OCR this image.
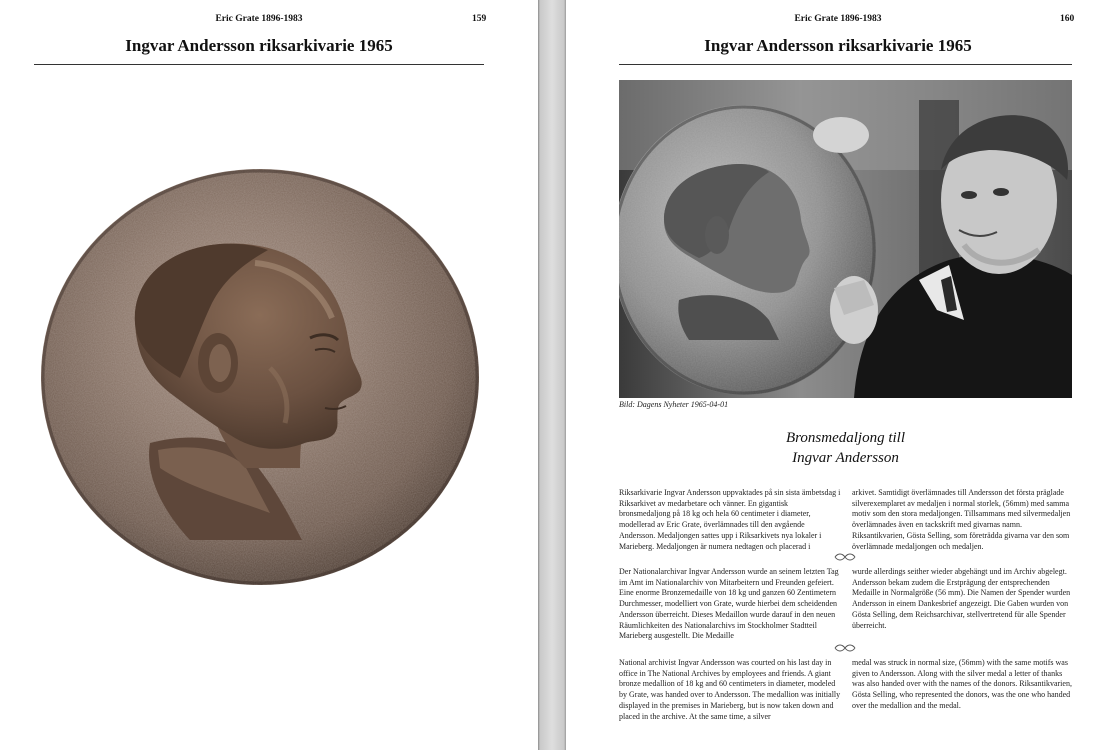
Eric Grate 1896-1983	159
Ingvar Andersson riksarkivarie 1965
Eric Grate 1896-1983	160
Ingvar Andersson riksarkivarie 1965
Bild: Dagens Nyheter 1965-04-01
Bronsmedaljong till
Ingvar Andersson
Riksarkivarie Ingvar Andersson uppvaktades på sin sista ämbetsdag i Riksarkivet av medarbetare och vänner. En gigantisk bronsmedaljong på 18 kg och hela 60 centimeter i diameter, modellerad av Eric Grate, överlämnades till den avgående Andersson. Medaljongen sattes upp i Riksarkivets nya lokaler i Marieberg. Medaljongen är numera nedtagen och placerad i
arkivet. Samtidigt överlämnades till Andersson det första präglade silverexemplaret av medaljen i normal storlek, (56mm) med samma motiv som den stora medaljongen. Tillsammans med silvermedaljen överlämnades även en tackskrift med givarnas namn. Riksantikvarien, Gösta Selling, som företrädda givarna var den som överlämnade medaljongen och medaljen.
Der Nationalarchivar Ingvar Andersson wurde an seinem letzten Tag im Amt im Nationalarchiv von Mitarbeitern und Freunden gefeiert. Eine enorme Bronzemedaille von 18 kg und ganzen 60 Zentimetern Durchmesser, modelliert von Grate, wurde hierbei dem scheidenden Andersson überreicht. Dieses Medaillon wurde darauf in den neuen Räumlichkeiten des Nationalarchivs im Stockholmer Stadtteil Marieberg ausgestellt. Die Medaille
wurde allerdings seither wieder abgehängt und im Archiv abgelegt. Andersson bekam zudem die Erstprägung der entsprechenden Medaille in Normalgröße (56 mm). Die Namen der Spender wurden Andersson in einem Dankesbrief angezeigt. Die Gaben wurden von Gösta Selling, dem Reichsarchivar, stellvertretend für alle Spender überreicht.
National archivist Ingvar Andersson was courted on his last day in office in The National Archives by employees and friends. A giant bronze medallion of 18 kg and 60 centimeters in diameter, modeled by Grate, was handed over to Andersson. The medallion was initially displayed in the premises in Marieberg, but is now taken down and placed in the archive. At the same time, a silver
medal was struck in normal size, (56mm) with the same motifs was given to Andersson. Along with the silver medal a letter of thanks was also handed over with the names of the donors. Riksantikvarien, Gösta Selling, who represented the donors, was the one who handed over the medallion and the medal.
